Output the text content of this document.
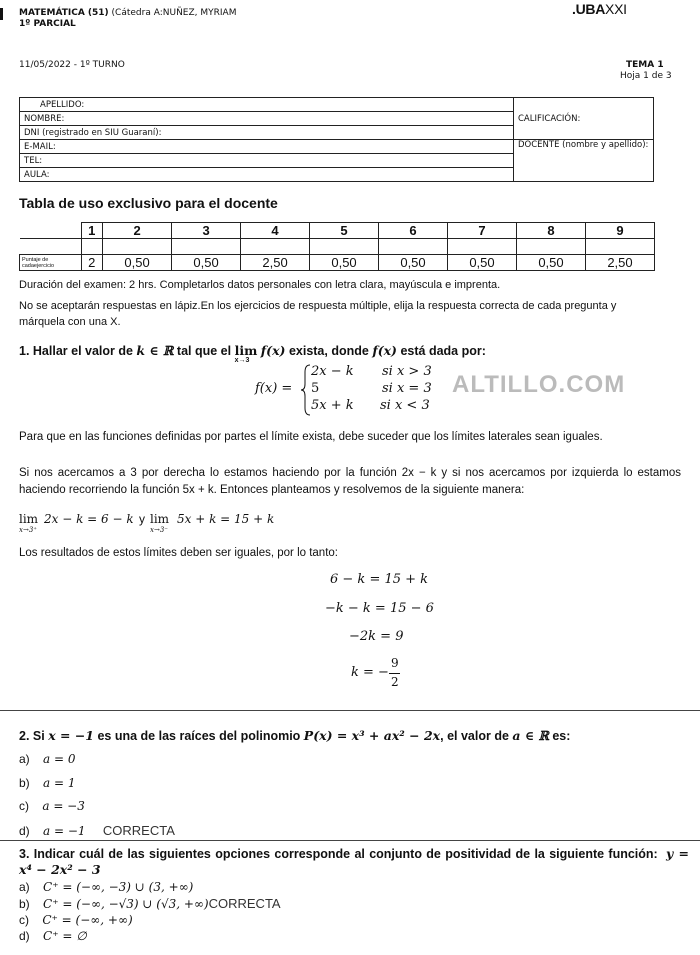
MATEMÁTICA (51) (Cátedra A:NUÑEZ, MYRIAM
1º PARCIAL
.UBAXXI
11/05/2022 - 1º TURNO	TEMA 1
Hoja 1 de 3
APELLIDO:	CALIFICACIÓN:
NOMBRE:	
DNI (registrado en SIU Guaraní):	
E-MAIL:	DOCENTE (nombre y apellido):
TEL:	
AULA:	
Tabla de uso exclusivo para el docente
	1	2	3	4	5	6	7	8	9

Puntaje de cadaejercicio	2	0,50	0,50	2,50	0,50	0,50	0,50	0,50	2,50
Duración del examen: 2 hrs. Completarlos datos personales con letra clara, mayúscula e imprenta.
No se aceptarán respuestas en lápiz.En los ejercicios de respuesta múltiple, elija la respuesta correcta de cada pregunta y márquela con una X.
1. Hallar el valor de k ∈ ℝ tal que el lim
x→3
f(x) exista, donde f(x) está dada por:
f(x) =
2x − k si x > 3
5	si x = 3
5x + k si x < 3
ALTILLO.COM
Para que en las funciones definidas por partes el límite exista, debe suceder que los límites laterales sean iguales.
Si nos acercamos a 3 por derecha lo estamos haciendo por la función 2x − k y si nos acercamos por izquierda lo estamos haciendo recorriendo la función 5x + k. Entonces planteamos y resolvemos de la siguiente manera:
lim
x→3⁺
2x − k = 6 − k y lim
x→3⁻
5x + k = 15 + k
Los resultados de estos límites deben ser iguales, por lo tanto:
6 − k = 15 + k
−k − k = 15 − 6
−2k = 9
k = −
9
2
2. Si x = −1 es una de las raíces del polinomio P(x) = x³ + ax² − 2x, el valor de a ∈ ℝ es:
a) a = 0
b) a = 1
c) a = −3
d) a = −1 CORRECTA
3. Indicar cuál de las siguientes opciones corresponde al conjunto de positividad de la siguiente función: y = x⁴ − 2x² − 3
a) C⁺ = (−∞, −3) ∪ (3, +∞)
b) C⁺ = (−∞, −√3) ∪ (√3, +∞)CORRECTA
c) C⁺ = (−∞, +∞)
d) C⁺ = ∅
